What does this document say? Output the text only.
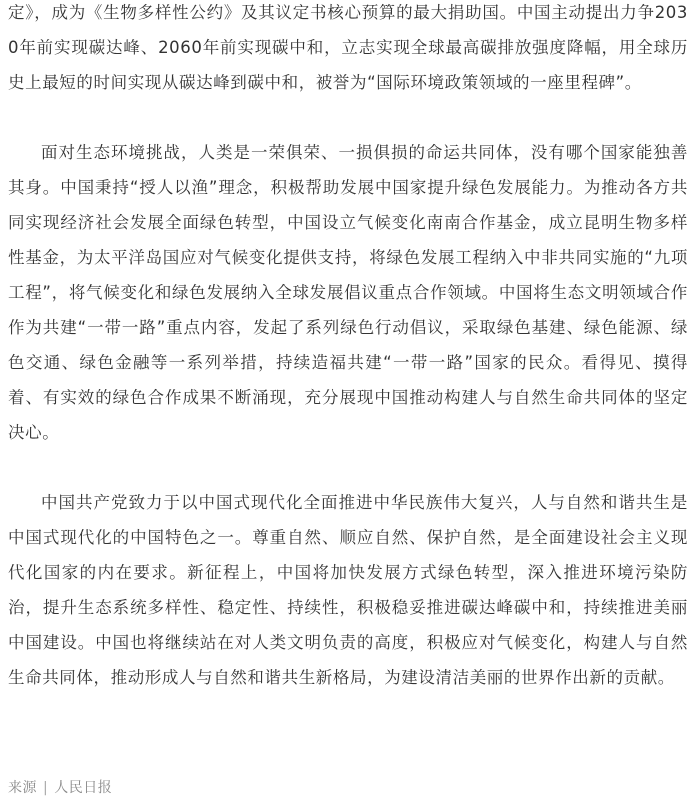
定》，成为《生物多样性公约》及其议定书核心预算的最大捐助国。中国主动提出力争2030年前实现碳达峰、2060年前实现碳中和，立志实现全球最高碳排放强度降幅，用全球历史上最短的时间实现从碳达峰到碳中和，被誉为“国际环境政策领域的一座里程碑”。

面对生态环境挑战，人类是一荣俱荣、一损俱损的命运共同体，没有哪个国家能独善其身。中国秉持“授人以渔”理念，积极帮助发展中国家提升绿色发展能力。为推动各方共同实现经济社会发展全面绿色转型，中国设立气候变化南南合作基金，成立昆明生物多样性基金，为太平洋岛国应对气候变化提供支持，将绿色发展工程纳入中非共同实施的“九项工程”，将气候变化和绿色发展纳入全球发展倡议重点合作领域。中国将生态文明领域合作作为共建“一带一路”重点内容，发起了系列绿色行动倡议，采取绿色基建、绿色能源、绿色交通、绿色金融等一系列举措，持续造福共建“一带一路”国家的民众。看得见、摸得着、有实效的绿色合作成果不断涌现，充分展现中国推动构建人与自然生命共同体的坚定决心。

中国共产党致力于以中国式现代化全面推进中华民族伟大复兴，人与自然和谐共生是中国式现代化的中国特色之一。尊重自然、顺应自然、保护自然，是全面建设社会主义现代化国家的内在要求。新征程上，中国将加快发展方式绿色转型，深入推进环境污染防治，提升生态系统多样性、稳定性、持续性，积极稳妥推进碳达峰碳中和，持续推进美丽中国建设。中国也将继续站在对人类文明负责的高度，积极应对气候变化，构建人与自然生命共同体，推动形成人与自然和谐共生新格局，为建设清洁美丽的世界作出新的贡献。

来源 | 人民日报
